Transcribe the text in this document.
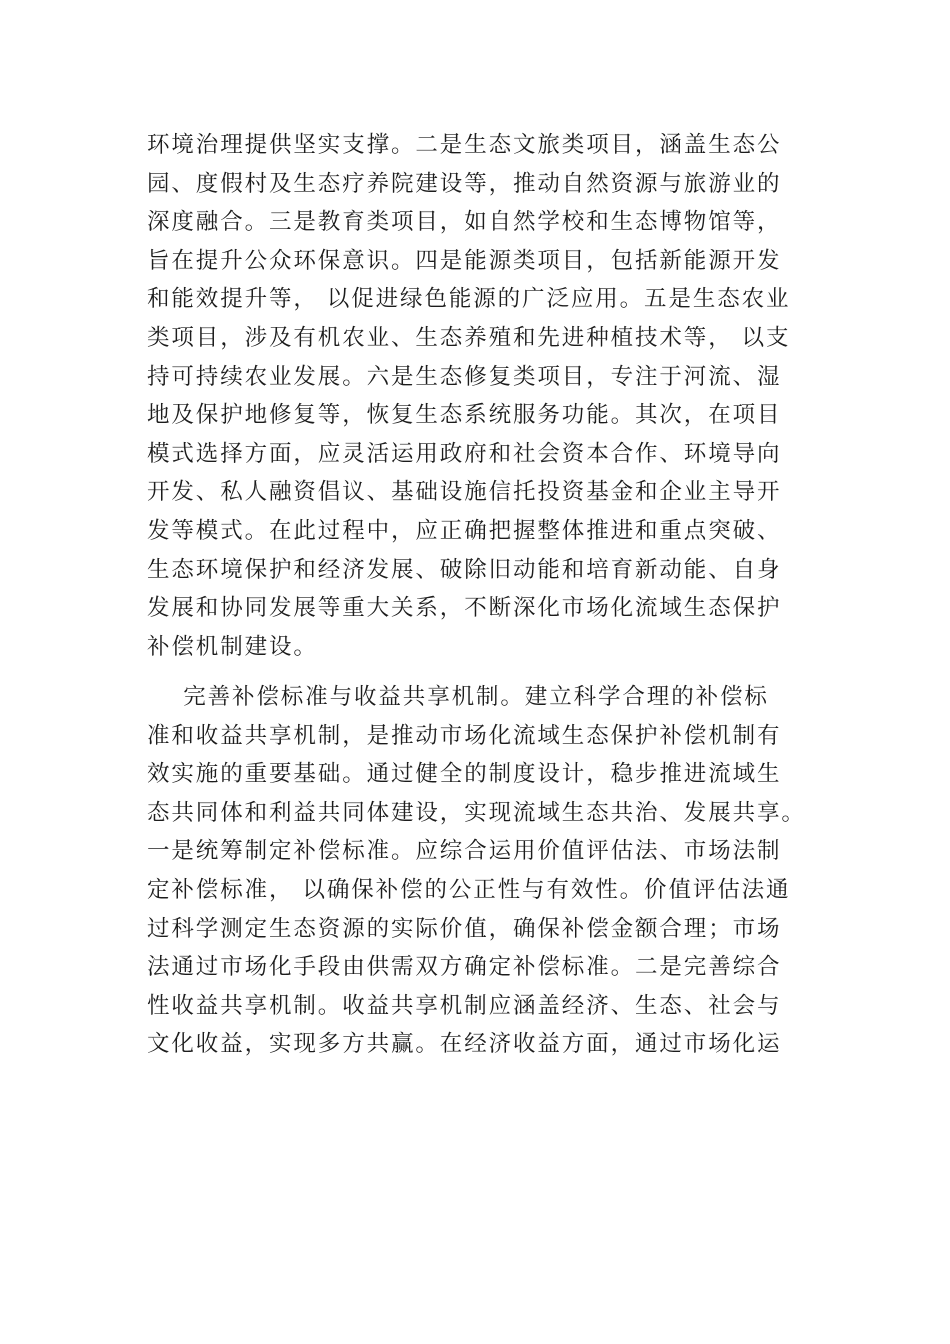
环境治理提供坚实支撑。二是生态文旅类项目，涵盖生态公
园、度假村及生态疗养院建设等，推动自然资源与旅游业的
深度融合。三是教育类项目，如自然学校和生态博物馆等，
旨在提升公众环保意识。四是能源类项目，包括新能源开发
和能效提升等， 以促进绿色能源的广泛应用。五是生态农业
类项目，涉及有机农业、生态养殖和先进种植技术等， 以支
持可持续农业发展。六是生态修复类项目，专注于河流、湿
地及保护地修复等，恢复生态系统服务功能。其次，在项目
模式选择方面，应灵活运用政府和社会资本合作、环境导向
开发、私人融资倡议、基础设施信托投资基金和企业主导开
发等模式。在此过程中，应正确把握整体推进和重点突破、
生态环境保护和经济发展、破除旧动能和培育新动能、自身
发展和协同发展等重大关系，不断深化市场化流域生态保护
补偿机制建设。
完善补偿标准与收益共享机制。建立科学合理的补偿标
准和收益共享机制，是推动市场化流域生态保护补偿机制有
效实施的重要基础。通过健全的制度设计，稳步推进流域生
态共同体和利益共同体建设，实现流域生态共治、发展共享。
一是统筹制定补偿标准。应综合运用价值评估法、市场法制
定补偿标准， 以确保补偿的公正性与有效性。价值评估法通
过科学测定生态资源的实际价值，确保补偿金额合理；市场
法通过市场化手段由供需双方确定补偿标准。二是完善综合
性收益共享机制。收益共享机制应涵盖经济、生态、社会与
文化收益，实现多方共赢。在经济收益方面，通过市场化运
